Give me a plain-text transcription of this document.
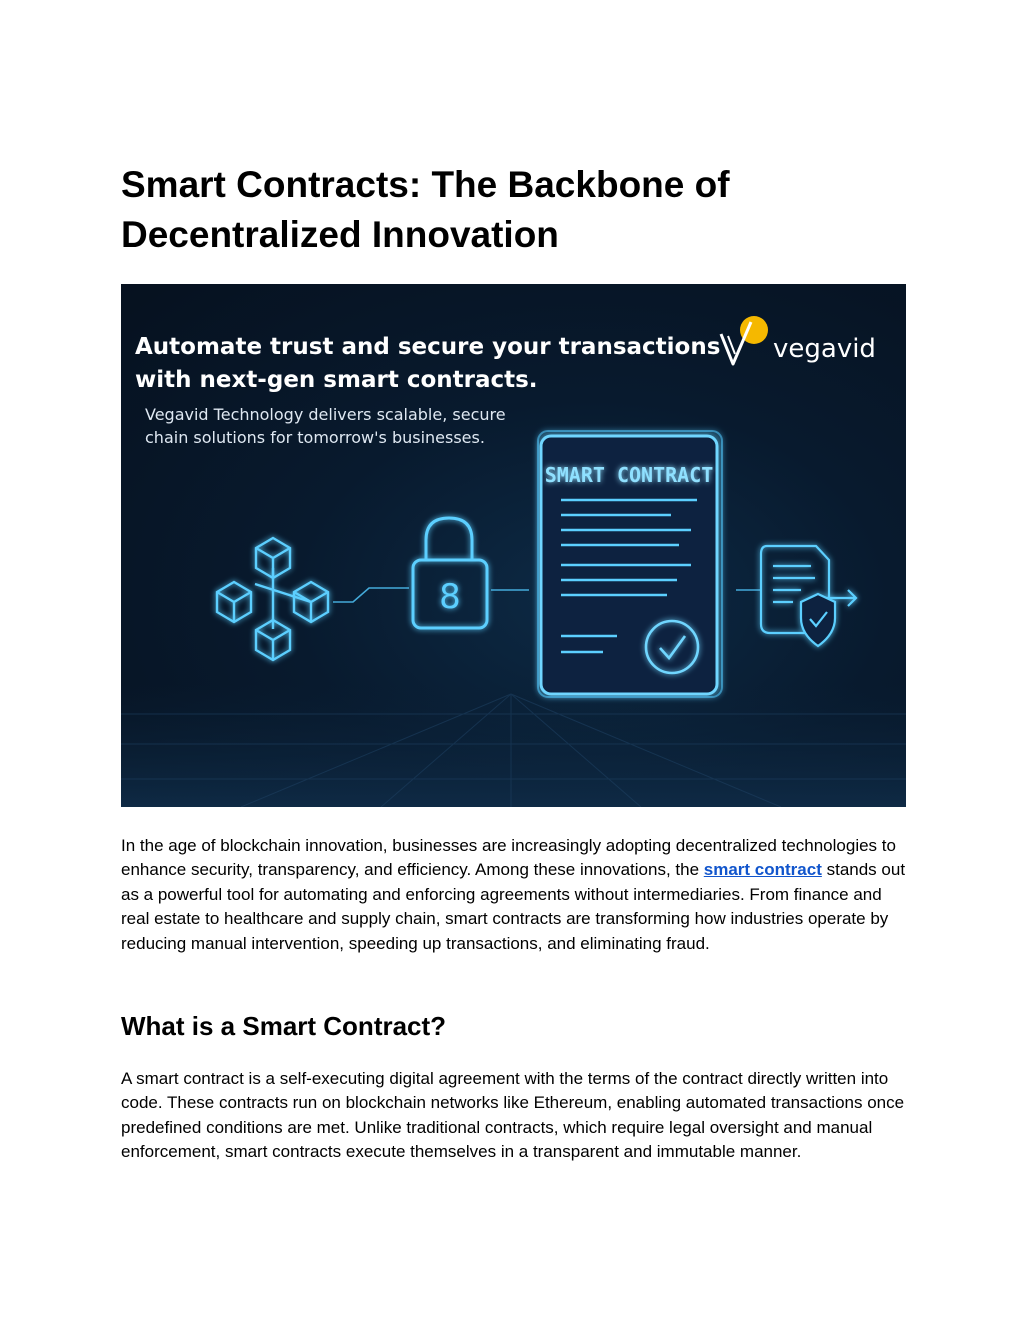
Smart Contracts: The Backbone of Decentralized Innovation
Automate trust and secure your transactions
with next-gen smart contracts.
Vegavid Technology delivers scalable, secure
chain solutions for tomorrow's businesses.
vegavid
8
SMART CONTRACT

In the age of blockchain innovation, businesses are increasingly adopting decentralized technologies to enhance security, transparency, and efficiency. Among these innovations, the smart contract stands out as a powerful tool for automating and enforcing agreements without intermediaries. From finance and real estate to healthcare and supply chain, smart contracts are transforming how industries operate by reducing manual intervention, speeding up transactions, and eliminating fraud.

What is a Smart Contract?

A smart contract is a self-executing digital agreement with the terms of the contract directly written into code. These contracts run on blockchain networks like Ethereum, enabling automated transactions once predefined conditions are met. Unlike traditional contracts, which require legal oversight and manual enforcement, smart contracts execute themselves in a transparent and immutable manner.
